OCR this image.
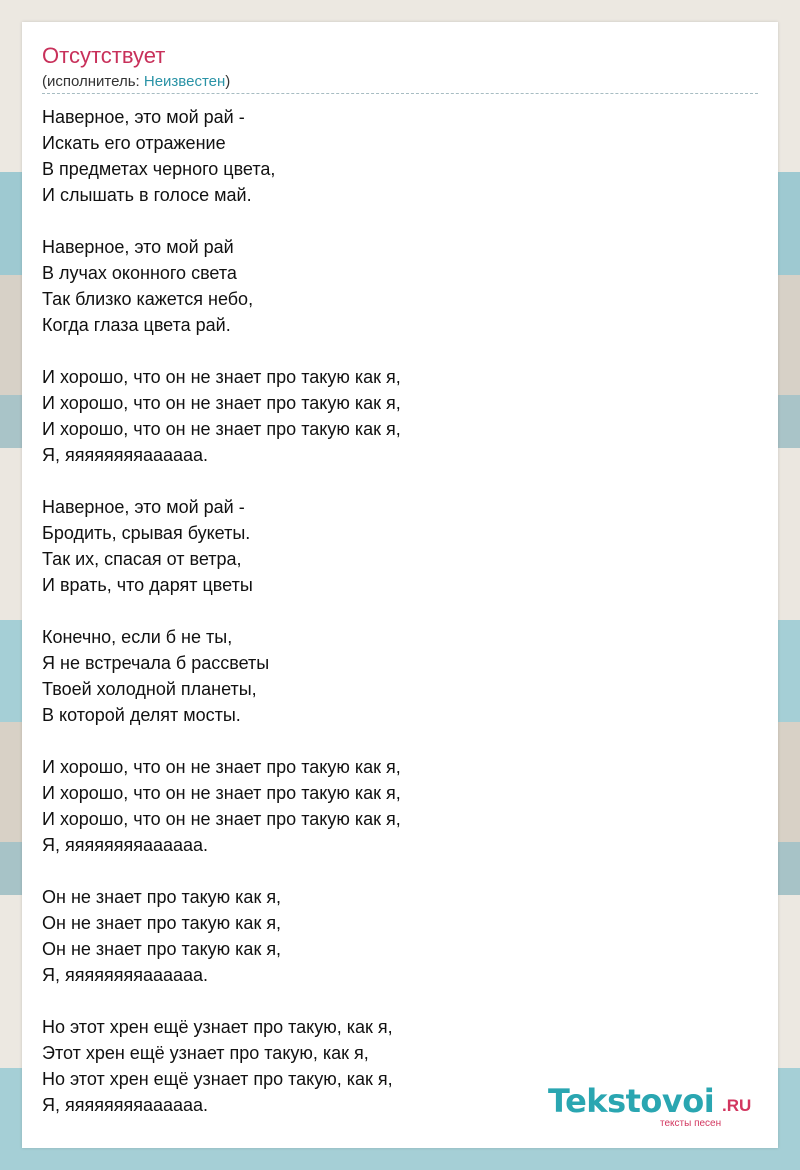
Отсутствует
(исполнитель: Неизвестен)
Наверное, это мой рай -
Искать его отражение
В предметах черного цвета,
И слышать в голосе май.

Наверное, это мой рай
В лучах оконного света
Так близко кажется небо,
Когда глаза цвета рай.

И хорошо, что он не знает про такую как я,
И хорошо, что он не знает про такую как я,
И хорошо, что он не знает про такую как я,
Я, яяяяяяяяаааааа.

Наверное, это мой рай -
Бродить, срывая букеты.
Так их, спасая от ветра,
И врать, что дарят цветы

Конечно, если б не ты,
Я не встречала б рассветы
Твоей холодной планеты,
В которой делят мосты.

И хорошо, что он не знает про такую как я,
И хорошо, что он не знает про такую как я,
И хорошо, что он не знает про такую как я,
Я, яяяяяяяяаааааа.

Он не знает про такую как я,
Он не знает про такую как я,
Он не знает про такую как я,
Я, яяяяяяяяаааааа.

Но этот хрен ещё узнает про такую, как я,
Этот хрен ещё узнает про такую, как я,
Но этот хрен ещё узнает про такую, как я,
Я, яяяяяяяяаааааа.	Tekstovoi .RU
тексты песен
